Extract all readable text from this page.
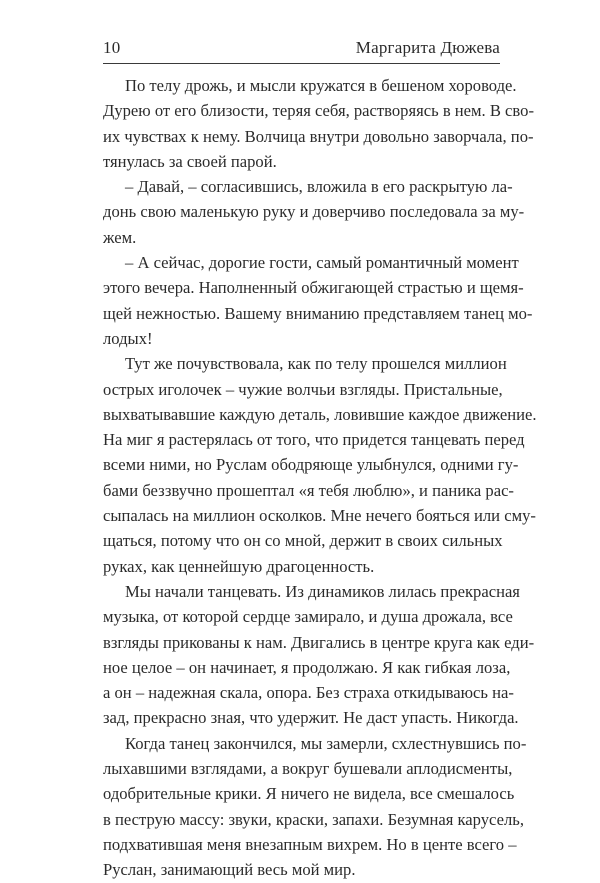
10	Маргарита Дюжева
По телу дрожь, и мысли кружатся в бешеном хороводе.
Дурею от его близости, теряя себя, растворяясь в нем. В сво-
их чувствах к нему. Волчица внутри довольно заворчала, по-
тянулась за своей парой.
– Давай, – согласившись, вложила в его раскрытую ла-
донь свою маленькую руку и доверчиво последовала за му-
жем.
– А сейчас, дорогие гости, самый романтичный момент
этого вечера. Наполненный обжигающей страстью и щемя-
щей нежностью. Вашему вниманию представляем танец мо-
лодых!
Тут же почувствовала, как по телу прошелся миллион
острых иголочек – чужие волчьи взгляды. Пристальные,
выхватывавшие каждую деталь, ловившие каждое движение.
На миг я растерялась от того, что придется танцевать перед
всеми ними, но Руслам ободряюще улыбнулся, одними гу-
бами беззвучно прошептал «я тебя люблю», и паника рас-
сыпалась на миллион осколков. Мне нечего бояться или сму-
щаться, потому что он со мной, держит в своих сильных
руках, как ценнейшую драгоценность.
Мы начали танцевать. Из динамиков лилась прекрасная
музыка, от которой сердце замирало, и душа дрожала, все
взгляды прикованы к нам. Двигались в центре круга как еди-
ное целое – он начинает, я продолжаю. Я как гибкая лоза,
а он – надежная скала, опора. Без страха откидываюсь на-
зад, прекрасно зная, что удержит. Не даст упасть. Никогда.
Когда танец закончился, мы замерли, схлестнувшись по-
лыхавшими взглядами, а вокруг бушевали аплодисменты,
одобрительные крики. Я ничего не видела, все смешалось
в пеструю массу: звуки, краски, запахи. Безумная карусель,
подхватившая меня внезапным вихрем. Но в центе всего –
Руслан, занимающий весь мой мир.
